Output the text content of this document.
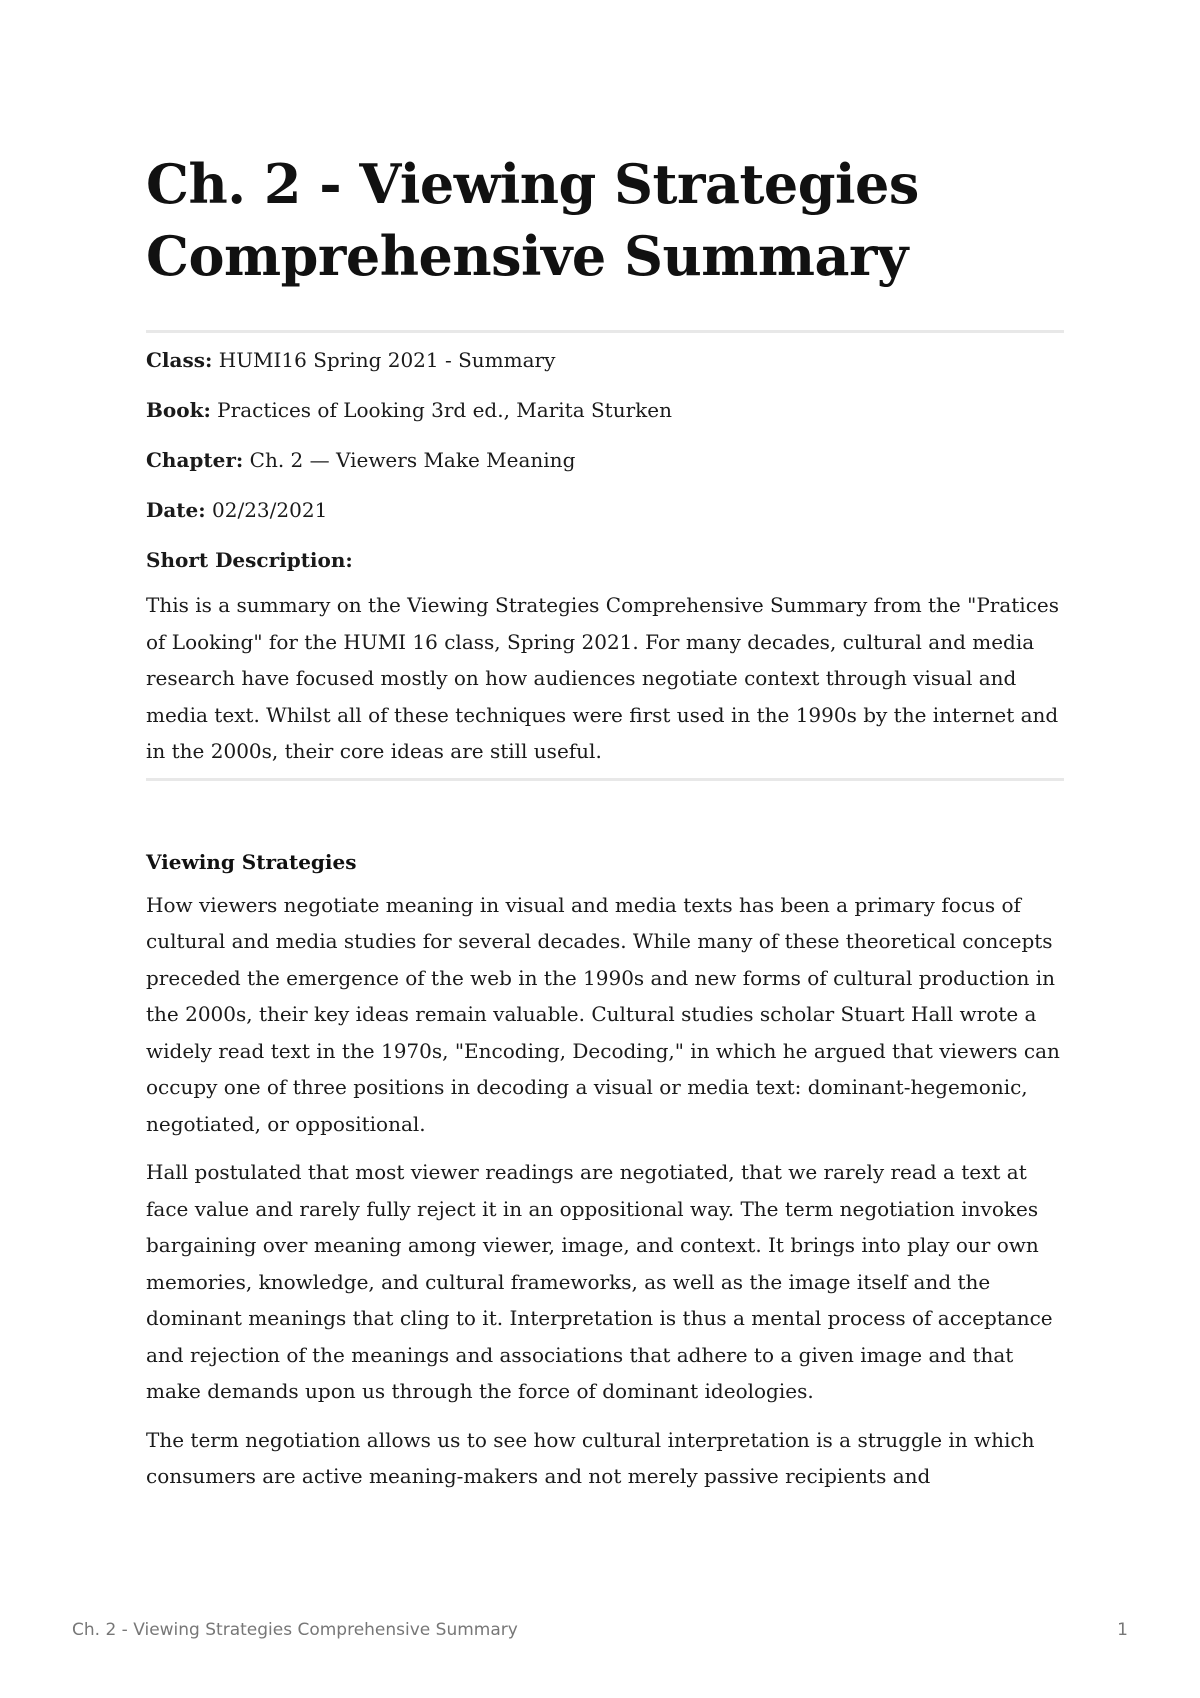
Ch. 2 - Viewing Strategies Comprehensive Summary
Class: HUMI16 Spring 2021 - Summary
Book: Practices of Looking 3rd ed., Marita Sturken
Chapter: Ch. 2 — Viewers Make Meaning
Date: 02/23/2021
Short Description:

This is a summary on the Viewing Strategies Comprehensive Summary from the "Pratices of Looking" for the HUMI 16 class, Spring 2021. For many decades, cultural and media research have focused mostly on how audiences negotiate context through visual and media text. Whilst all of these techniques were first used in the 1990s by the internet and in the 2000s, their core ideas are still useful.

Viewing Strategies

How viewers negotiate meaning in visual and media texts has been a primary focus of cultural and media studies for several decades. While many of these theoretical concepts preceded the emergence of the web in the 1990s and new forms of cultural production in the 2000s, their key ideas remain valuable. Cultural studies scholar Stuart Hall wrote a widely read text in the 1970s, "Encoding, Decoding," in which he argued that viewers can occupy one of three positions in decoding a visual or media text: dominant-hegemonic, negotiated, or oppositional.

Hall postulated that most viewer readings are negotiated, that we rarely read a text at face value and rarely fully reject it in an oppositional way. The term negotiation invokes bargaining over meaning among viewer, image, and context. It brings into play our own memories, knowledge, and cultural frameworks, as well as the image itself and the dominant meanings that cling to it. Interpretation is thus a mental process of acceptance and rejection of the meanings and associations that adhere to a given image and that make demands upon us through the force of dominant ideologies.

The term negotiation allows us to see how cultural interpretation is a struggle in which consumers are active meaning-makers and not merely passive recipients and

Ch. 2 - Viewing Strategies Comprehensive Summary	1
